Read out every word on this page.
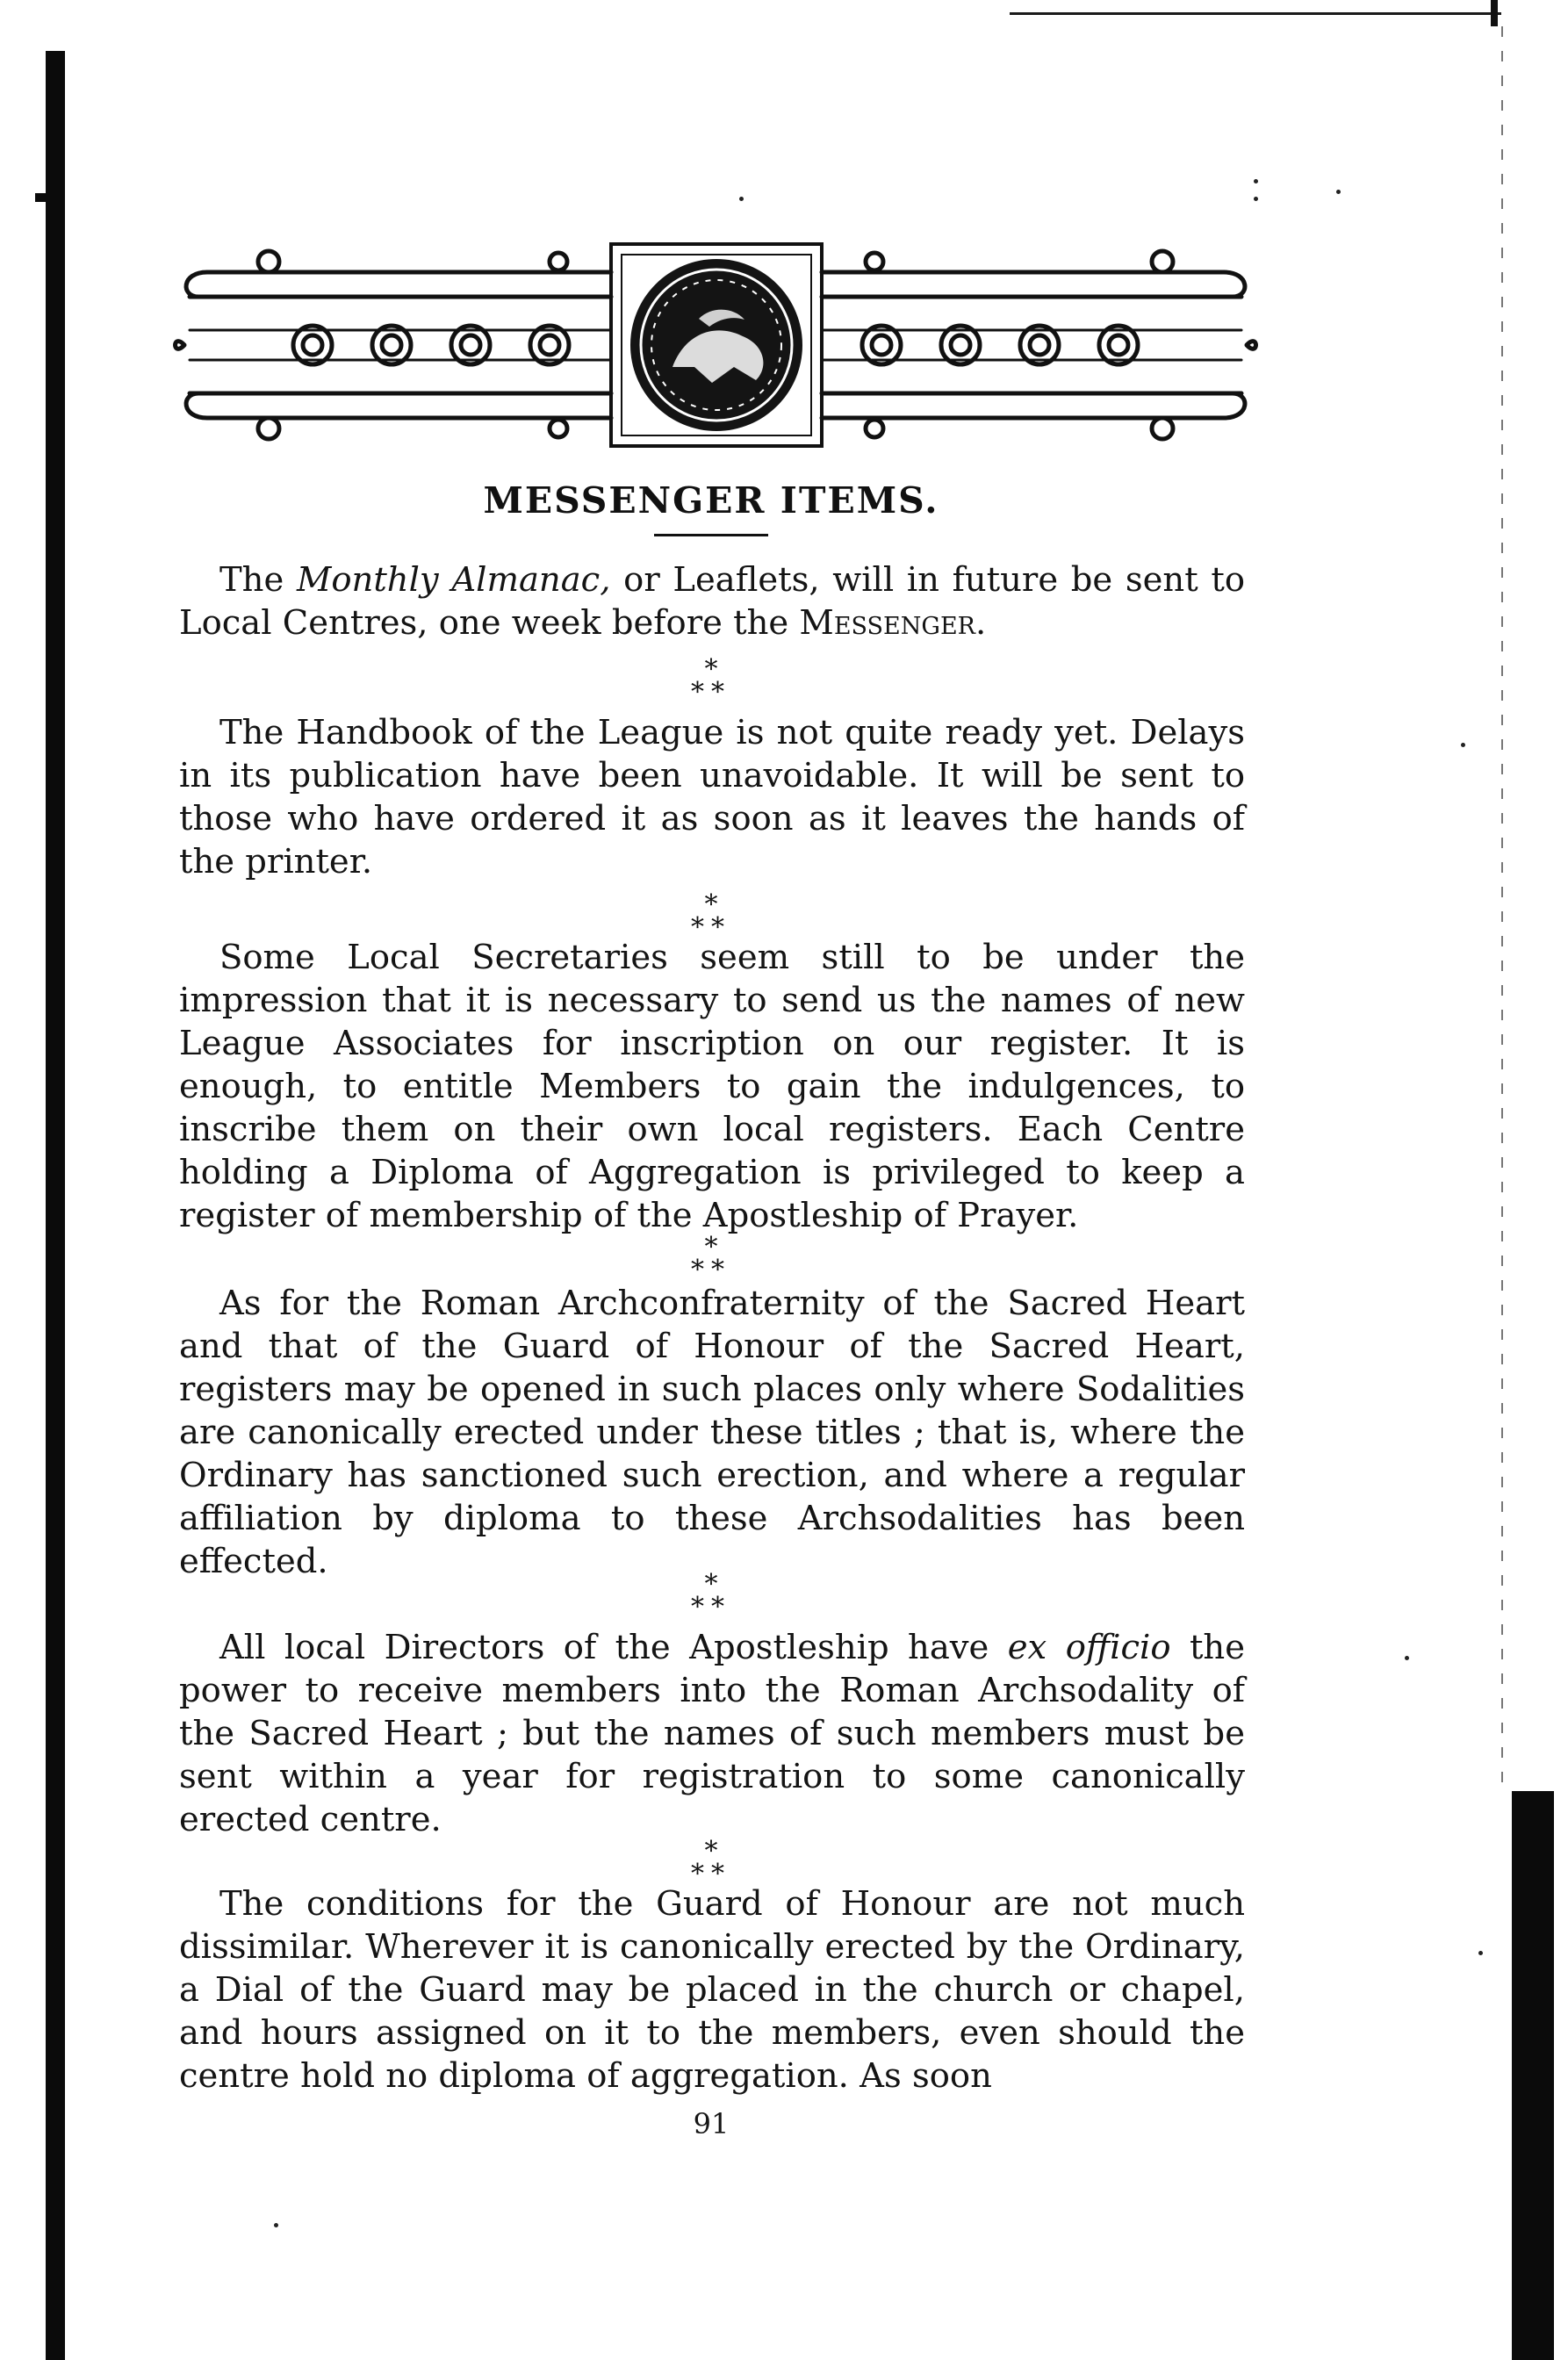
MESSENGER ITEMS.

The Monthly Almanac, or Leaflets, will in future be sent to Local Centres, one week before the Messenger.

*
**

The Handbook of the League is not quite ready yet. Delays in its publication have been unavoidable. It will be sent to those who have ordered it as soon as it leaves the hands of the printer.

*
**

Some Local Secretaries seem still to be under the impression that it is necessary to send us the names of new League Associates for inscription on our register. It is enough, to entitle Members to gain the indulgences, to inscribe them on their own local registers. Each Centre holding a Diploma of Aggregation is privileged to keep a register of membership of the Apostleship of Prayer.

*
**

As for the Roman Archconfraternity of the Sacred Heart and that of the Guard of Honour of the Sacred Heart, registers may be opened in such places only where Sodalities are canonically erected under these titles ; that is, where the Ordinary has sanctioned such erection, and where a regular affiliation by diploma to these Archsodalities has been effected.

*
**

All local Directors of the Apostleship have ex officio the power to receive members into the Roman Archsodality of the Sacred Heart ; but the names of such members must be sent within a year for registration to some canonically erected centre.

*
**

The conditions for the Guard of Honour are not much dissimilar. Wherever it is canonically erected by the Ordinary, a Dial of the Guard may be placed in the church or chapel, and hours assigned on it to the members, even should the centre hold no diploma of aggregation. As soon

91
